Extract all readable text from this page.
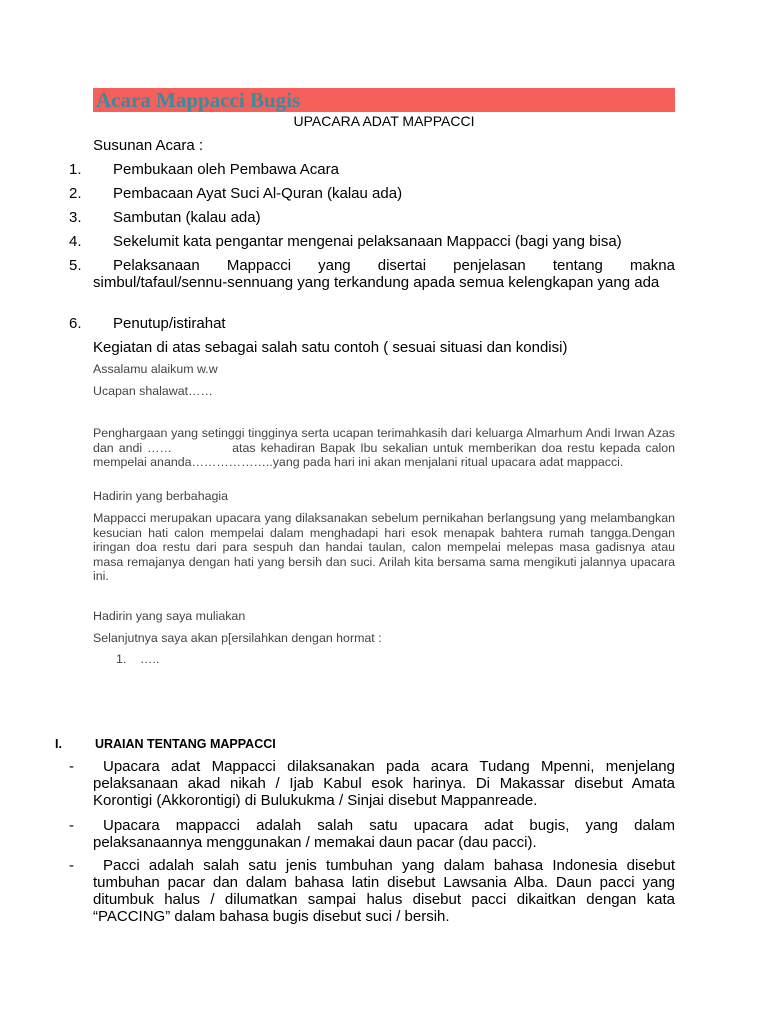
Acara Mappacci Bugis
UPACARA ADAT MAPPACCI
Susunan Acara :
1. Pembukaan oleh Pembawa Acara
2. Pembacaan Ayat Suci Al-Quran (kalau ada)
3. Sambutan (kalau ada)
4. Sekelumit kata pengantar mengenai pelaksanaan Mappacci (bagi yang bisa)
5.	Pelaksanaan Mappacci yang disertai penjelasan tentang makna simbul/tafaul/sennu-sennuang yang terkandung apada semua kelengkapan yang ada
6. Penutup/istirahat
Kegiatan di atas sebagai salah satu contoh ( sesuai situasi dan kondisi)
Assalamu alaikum w.w
Ucapan shalawat……
Penghargaan yang setinggi tingginya serta ucapan terimahkasih dari keluarga Almarhum Andi Irwan Azas dan andi ……            atas kehadiran Bapak Ibu sekalian untuk memberikan doa restu kepada calon mempelai ananda………………..yang pada hari ini akan menjalani ritual upacara adat mappacci.
Hadirin yang berbahagia
Mappacci merupakan upacara yang dilaksanakan sebelum pernikahan berlangsung yang melambangkan kesucian hati calon mempelai dalam menghadapi hari esok menapak bahtera rumah tangga.Dengan iringan doa restu dari para sespuh dan handai taulan, calon mempelai melepas masa gadisnya atau masa remajanya dengan hati yang bersih dan suci. Arilah kita bersama sama mengikuti jalannya upacara ini.
Hadirin yang saya muliakan
Selanjutnya saya akan p[ersilahkan dengan hormat :
1. …..
I.	URAIAN TENTANG MAPPACCI
-	Upacara adat Mappacci dilaksanakan pada acara Tudang Mpenni, menjelang pelaksanaan akad nikah / Ijab Kabul esok harinya. Di Makassar disebut Amata Korontigi (Akkorontigi) di Bulukukma / Sinjai disebut Mappanreade.
-	Upacara mappacci adalah salah satu upacara adat bugis, yang dalam pelaksanaannya menggunakan / memakai daun pacar (dau pacci).
-	Pacci adalah salah satu jenis tumbuhan yang dalam bahasa Indonesia disebut tumbuhan pacar dan dalam bahasa latin disebut Lawsania Alba. Daun pacci yang ditumbuk halus / dilumatkan sampai halus disebut pacci dikaitkan dengan kata “PACCING” dalam bahasa bugis disebut suci / bersih.
